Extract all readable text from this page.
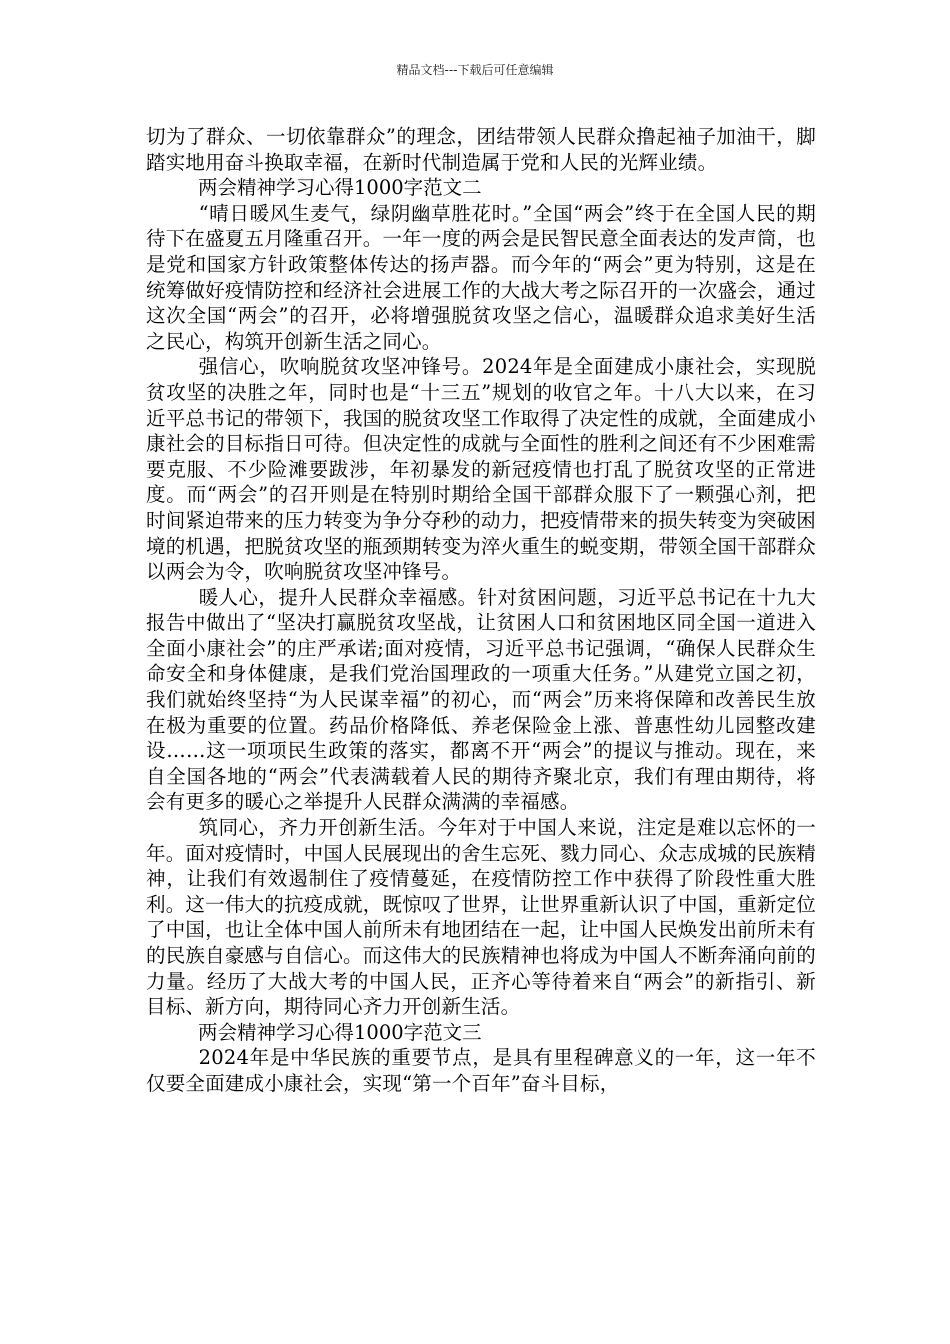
精品文档---下载后可任意编辑

切为了群众、一切依靠群众”的理念，团结带领人民群众撸起袖子加油干，脚踏实地用奋斗换取幸福，在新时代制造属于党和人民的光辉业绩。

两会精神学习心得1000字范文二

“晴日暖风生麦气，绿阴幽草胜花时。”全国“两会”终于在全国人民的期待下在盛夏五月隆重召开。一年一度的两会是民智民意全面表达的发声筒，也是党和国家方针政策整体传达的扬声器。而今年的“两会”更为特别，这是在统筹做好疫情防控和经济社会进展工作的大战大考之际召开的一次盛会，通过这次全国“两会”的召开，必将增强脱贫攻坚之信心，温暖群众追求美好生活之民心，构筑开创新生活之同心。

强信心，吹响脱贫攻坚冲锋号。2024年是全面建成小康社会，实现脱贫攻坚的决胜之年，同时也是“十三五”规划的收官之年。十八大以来，在习近平总书记的带领下，我国的脱贫攻坚工作取得了决定性的成就，全面建成小康社会的目标指日可待。但决定性的成就与全面性的胜利之间还有不少困难需要克服、不少险滩要跋涉，年初暴发的新冠疫情也打乱了脱贫攻坚的正常进度。而“两会”的召开则是在特别时期给全国干部群众服下了一颗强心剂，把时间紧迫带来的压力转变为争分夺秒的动力，把疫情带来的损失转变为突破困境的机遇，把脱贫攻坚的瓶颈期转变为淬火重生的蜕变期，带领全国干部群众以两会为令，吹响脱贫攻坚冲锋号。

暖人心，提升人民群众幸福感。针对贫困问题，习近平总书记在十九大报告中做出了“坚决打赢脱贫攻坚战，让贫困人口和贫困地区同全国一道进入全面小康社会”的庄严承诺;面对疫情，习近平总书记强调，“确保人民群众生命安全和身体健康，是我们党治国理政的一项重大任务。”从建党立国之初，我们就始终坚持“为人民谋幸福”的初心，而“两会”历来将保障和改善民生放在极为重要的位置。药品价格降低、养老保险金上涨、普惠性幼儿园整改建设……这一项项民生政策的落实，都离不开“两会”的提议与推动。现在，来自全国各地的“两会”代表满载着人民的期待齐聚北京，我们有理由期待，将会有更多的暖心之举提升人民群众满满的幸福感。

筑同心，齐力开创新生活。今年对于中国人来说，注定是难以忘怀的一年。面对疫情时，中国人民展现出的舍生忘死、戮力同心、众志成城的民族精神，让我们有效遏制住了疫情蔓延，在疫情防控工作中获得了阶段性重大胜利。这一伟大的抗疫成就，既惊叹了世界，让世界重新认识了中国，重新定位了中国，也让全体中国人前所未有地团结在一起，让中国人民焕发出前所未有的民族自豪感与自信心。而这伟大的民族精神也将成为中国人不断奔涌向前的力量。经历了大战大考的中国人民，正齐心等待着来自“两会”的新指引、新目标、新方向，期待同心齐力开创新生活。

两会精神学习心得1000字范文三

2024年是中华民族的重要节点，是具有里程碑意义的一年，这一年不仅要全面建成小康社会，实现“第一个百年”奋斗目标，
